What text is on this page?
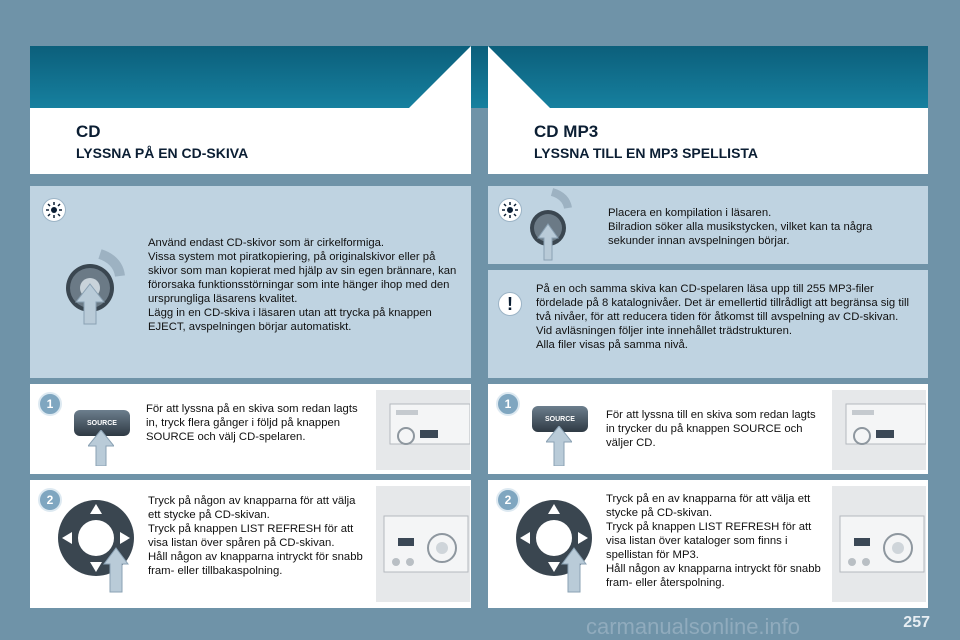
CD
LYSSNA PÅ EN CD-SKIVA
CD MP3
LYSSNA TILL EN MP3 SPELLISTA
Använd endast CD-skivor som är cirkelformiga.
Vissa system mot piratkopiering, på originalskivor eller på skivor som man kopierat med hjälp av sin egen brännare, kan förorsaka funktionsstörningar som inte hänger ihop med den ursprungliga läsarens kvalitet.
Lägg in en CD-skiva i läsaren utan att trycka på knappen EJECT, avspelningen börjar automatiskt.
1
SOURCE
För att lyssna på en skiva som redan lagts in, tryck flera gånger i följd på knappen SOURCE och välj CD-spelaren.
2	Tryck på någon av knapparna för att välja ett stycke på CD-skivan.
Tryck på knappen LIST REFRESH för att visa listan över spåren på CD-skivan.
Håll någon av knapparna intryckt för snabb fram- eller tillbakaspolning.
Placera en kompilation i läsaren.
Bilradion söker alla musikstycken, vilket kan ta några sekunder innan avspelningen börjar.
!
På en och samma skiva kan CD-spelaren läsa upp till 255 MP3-filer fördelade på 8 katalognivåer. Det är emellertid tillrådligt att begränsa sig till två nivåer, för att reducera tiden för åtkomst till avspelning av CD-skivan.
Vid avläsningen följer inte innehållet trädstrukturen.
Alla filer visas på samma nivå.
1
SOURCE	För att lyssna till en skiva som redan lagts in trycker du på knappen SOURCE och väljer CD.
2	Tryck på en av knapparna för att välja ett stycke på CD-skivan.
Tryck på knappen LIST REFRESH för att visa listan över kataloger som finns i spellistan för MP3.
Håll någon av knapparna intryckt för snabb fram- eller återspolning.
carmanualsonline.info	257
